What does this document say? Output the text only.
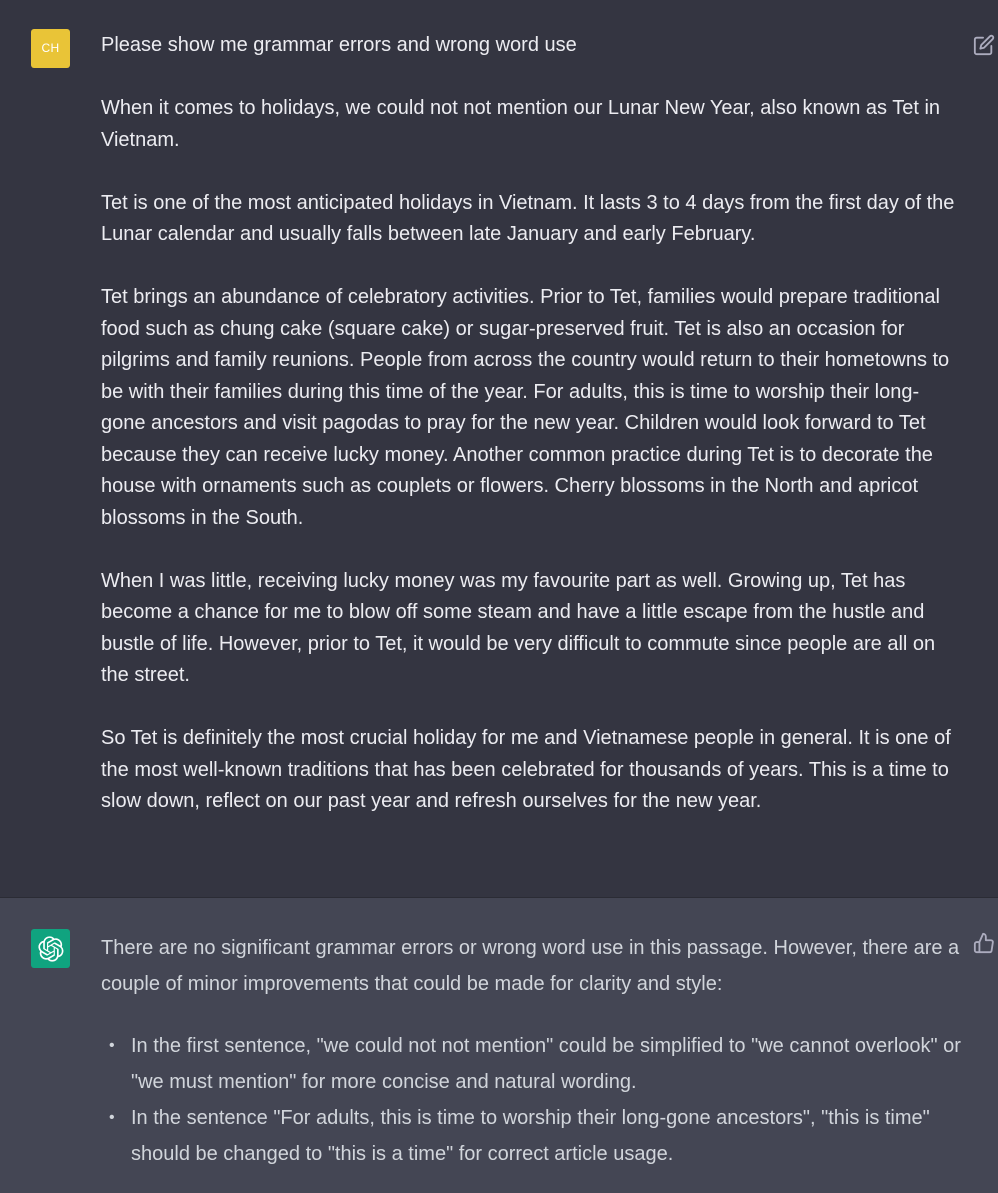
CH	Please show me grammar errors and wrong word use

When it comes to holidays, we could not not mention our Lunar New Year, also known as Tet in Vietnam.

Tet is one of the most anticipated holidays in Vietnam. It lasts 3 to 4 days from the first day of the Lunar calendar and usually falls between late January and early February.

Tet brings an abundance of celebratory activities. Prior to Tet, families would prepare traditional food such as chung cake (square cake) or sugar-preserved fruit. Tet is also an occasion for pilgrims and family reunions. People from across the country would return to their hometowns to be with their families during this time of the year. For adults, this is time to worship their long-gone ancestors and visit pagodas to pray for the new year. Children would look forward to Tet because they can receive lucky money. Another common practice during Tet is to decorate the house with ornaments such as couplets or flowers. Cherry blossoms in the North and apricot blossoms in the South.

When I was little, receiving lucky money was my favourite part as well. Growing up, Tet has become a chance for me to blow off some steam and have a little escape from the hustle and bustle of life. However, prior to Tet, it would be very difficult to commute since people are all on the street.

So Tet is definitely the most crucial holiday for me and Vietnamese people in general. It is one of the most well-known traditions that has been celebrated for thousands of years. This is a time to slow down, reflect on our past year and refresh ourselves for the new year.

There are no significant grammar errors or wrong word use in this passage. However, there are a couple of minor improvements that could be made for clarity and style:

• In the first sentence, "we could not not mention" could be simplified to "we cannot overlook" or "we must mention" for more concise and natural wording.
• In the sentence "For adults, this is time to worship their long-gone ancestors", "this is time" should be changed to "this is a time" for correct article usage.
